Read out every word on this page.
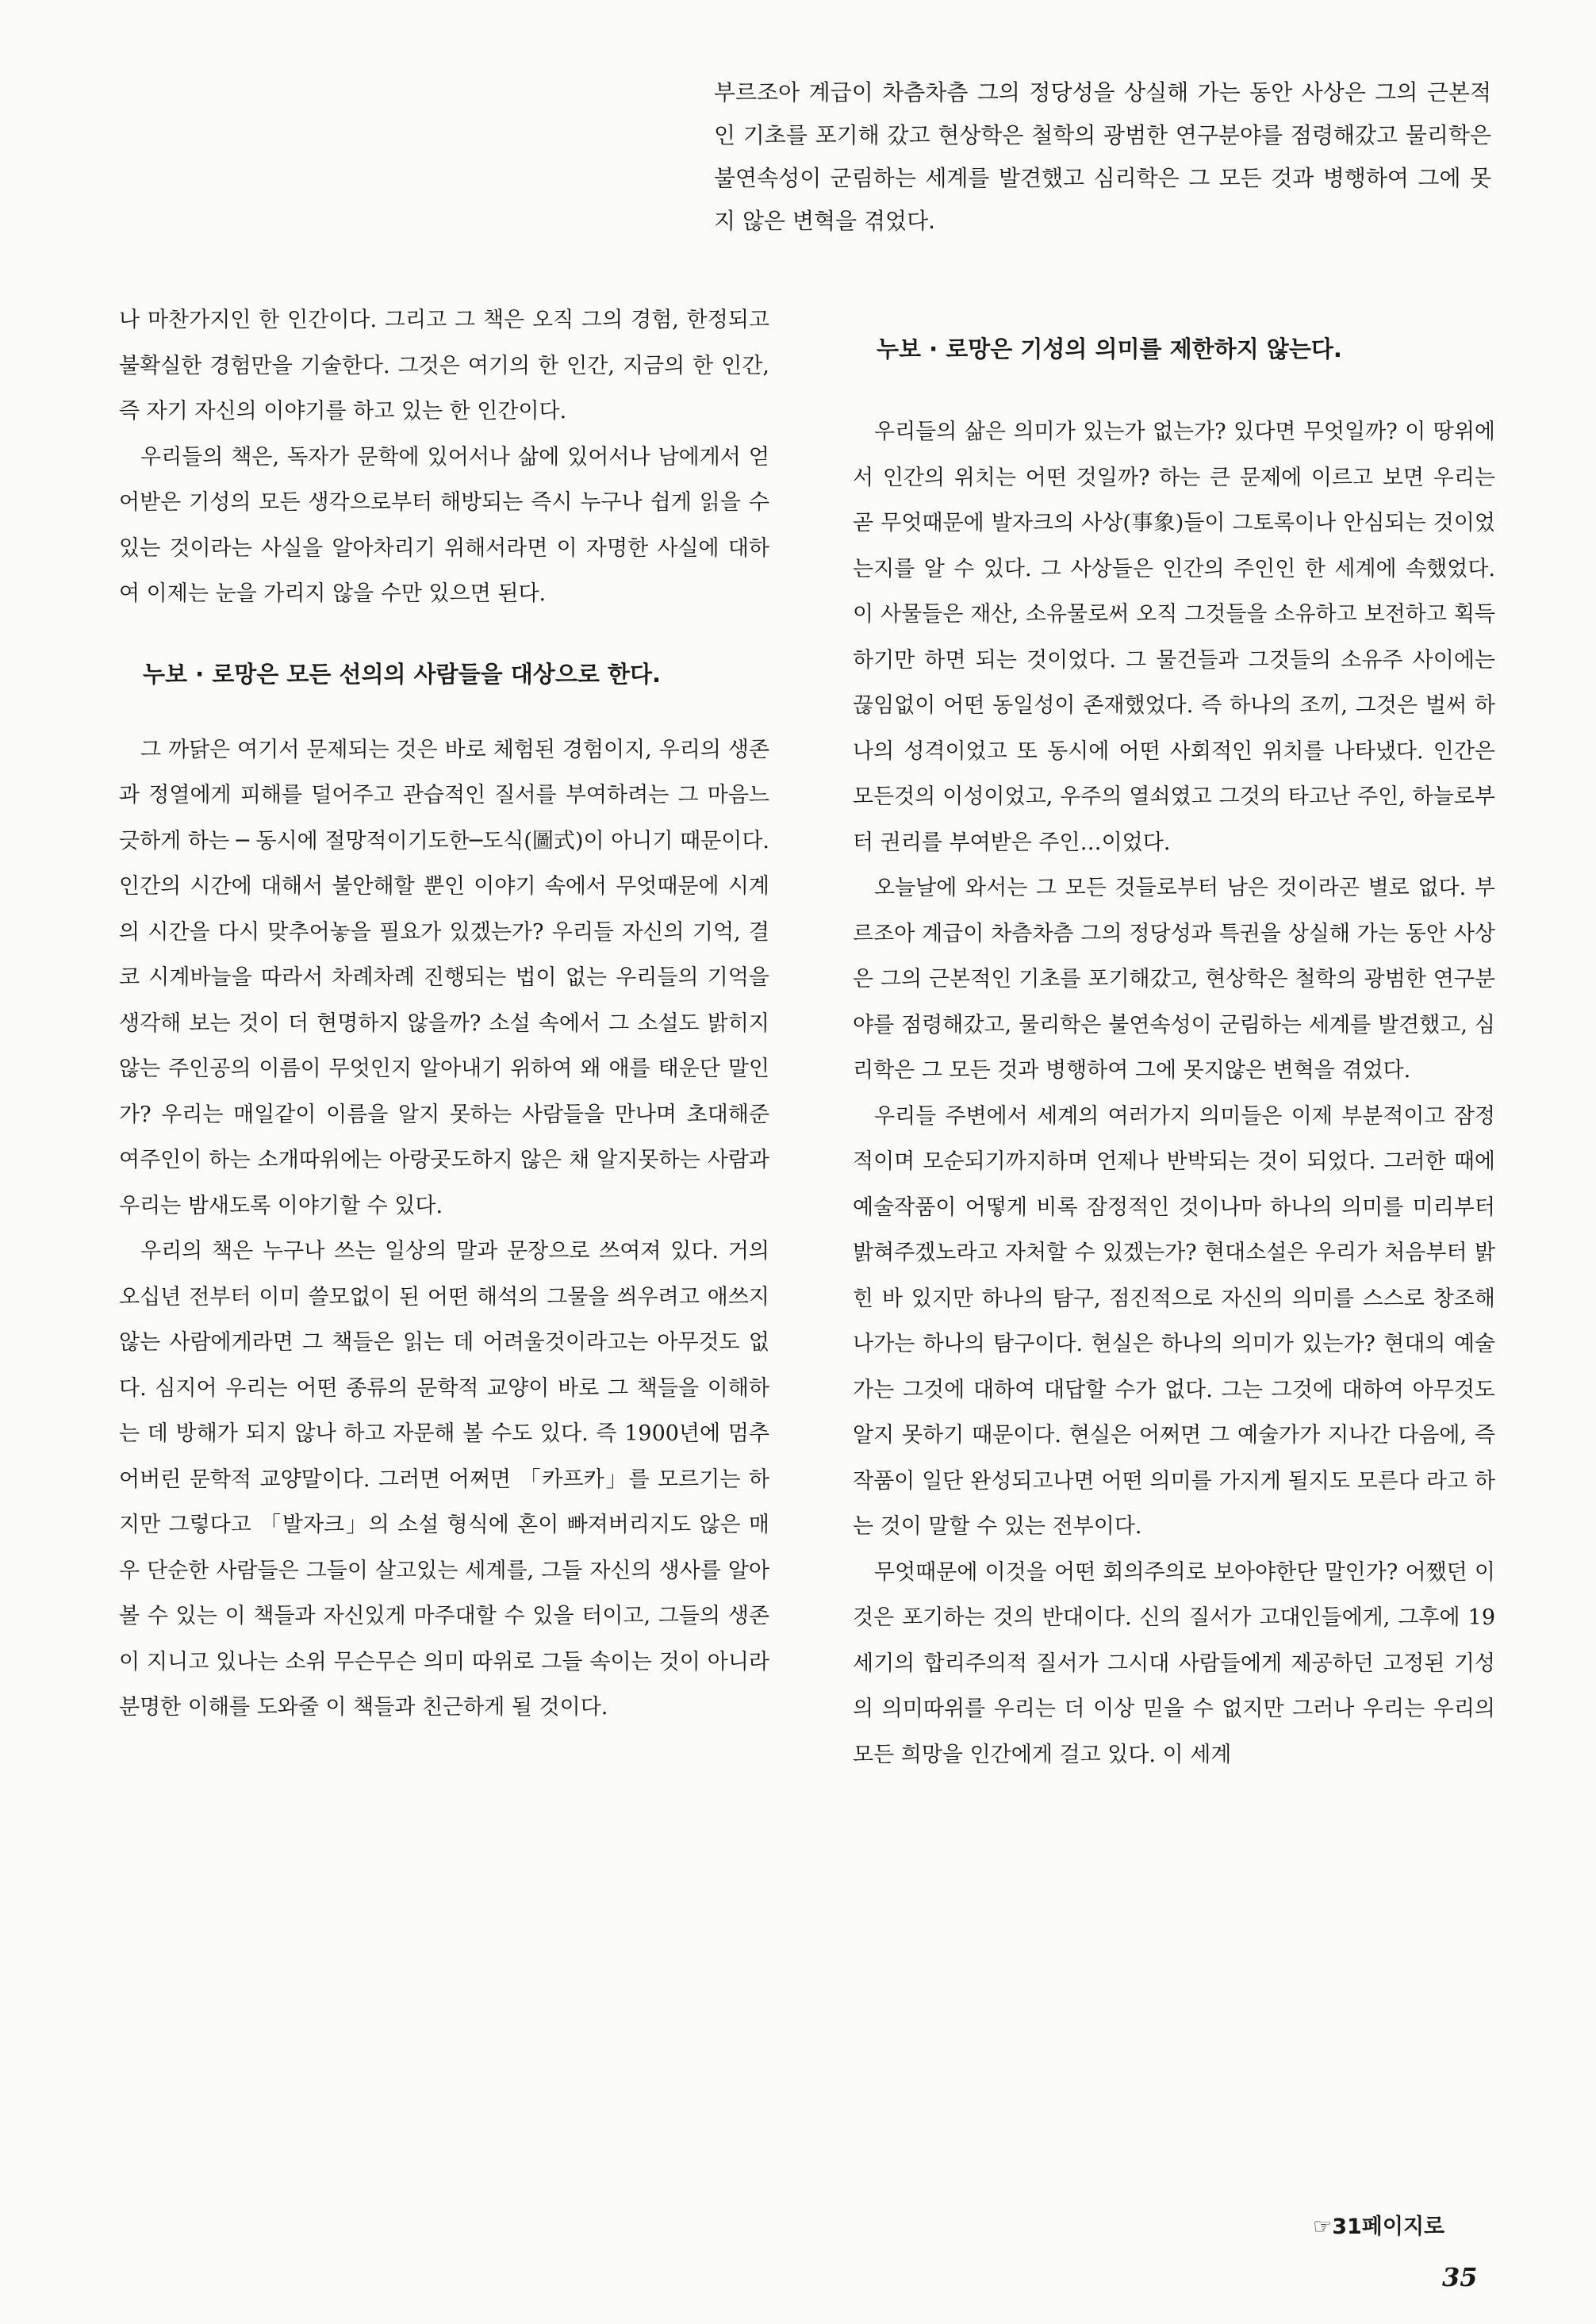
부르조아 계급이 차츰차츰 그의 정당성을 상실해 가는 동안 사상은 그의 근본적인 기초를 포기해 갔고 현상학은 철학의 광범한 연구분야를 점령해갔고 물리학은 불연속성이 군림하는 세계를 발견했고 심리학은 그 모든 것과 병행하여 그에 못지 않은 변혁을 겪었다.

나 마찬가지인 한 인간이다. 그리고 그 책은 오직 그의 경험, 한정되고 불확실한 경험만을 기술한다. 그것은 여기의 한 인간, 지금의 한 인간, 즉 자기 자신의 이야기를 하고 있는 한 인간이다.

우리들의 책은, 독자가 문학에 있어서나 삶에 있어서나 남에게서 얻어받은 기성의 모든 생각으로부터 해방되는 즉시 누구나 쉽게 읽을 수 있는 것이라는 사실을 알아차리기 위해서라면 이 자명한 사실에 대하여 이제는 눈을 가리지 않을 수만 있으면 된다.

누보 · 로망은 모든 선의의 사람들을 대상으로 한다.

그 까닭은 여기서 문제되는 것은 바로 체험된 경험이지, 우리의 생존과 정열에게 피해를 덜어주고 관습적인 질서를 부여하려는 그 마음느긋하게 하는 ─ 동시에 절망적이기도한─도식(圖式)이 아니기 때문이다. 인간의 시간에 대해서 불안해할 뿐인 이야기 속에서 무엇때문에 시계의 시간을 다시 맞추어놓을 필요가 있겠는가? 우리들 자신의 기억, 결코 시계바늘을 따라서 차례차례 진행되는 법이 없는 우리들의 기억을 생각해 보는 것이 더 현명하지 않을까? 소설 속에서 그 소설도 밝히지 않는 주인공의 이름이 무엇인지 알아내기 위하여 왜 애를 태운단 말인가? 우리는 매일같이 이름을 알지 못하는 사람들을 만나며 초대해준 여주인이 하는 소개따위에는 아랑곳도하지 않은 채 알지못하는 사람과 우리는 밤새도록 이야기할 수 있다.

우리의 책은 누구나 쓰는 일상의 말과 문장으로 쓰여져 있다. 거의 오십년 전부터 이미 쓸모없이 된 어떤 해석의 그물을 씌우려고 애쓰지 않는 사람에게라면 그 책들은 읽는 데 어려울것이라고는 아무것도 없다. 심지어 우리는 어떤 종류의 문학적 교양이 바로 그 책들을 이해하는 데 방해가 되지 않나 하고 자문해 볼 수도 있다. 즉 1900년에 멈추어버린 문학적 교양말이다. 그러면 어쩌면 「카프카」를 모르기는 하지만 그렇다고 「발자크」의 소설 형식에 혼이 빠져버리지도 않은 매우 단순한 사람들은 그들이 살고있는 세계를, 그들 자신의 생사를 알아볼 수 있는 이 책들과 자신있게 마주대할 수 있을 터이고, 그들의 생존이 지니고 있나는 소위 무슨무슨 의미 따위로 그들 속이는 것이 아니라 분명한 이해를 도와줄 이 책들과 친근하게 될 것이다.

누보 · 로망은 기성의 의미를 제한하지 않는다.

우리들의 삶은 의미가 있는가 없는가? 있다면 무엇일까? 이 땅위에서 인간의 위치는 어떤 것일까? 하는 큰 문제에 이르고 보면 우리는 곧 무엇때문에 발자크의 사상(事象)들이 그토록이나 안심되는 것이었는지를 알 수 있다. 그 사상들은 인간의 주인인 한 세계에 속했었다. 이 사물들은 재산, 소유물로써 오직 그것들을 소유하고 보전하고 획득하기만 하면 되는 것이었다. 그 물건들과 그것들의 소유주 사이에는 끊임없이 어떤 동일성이 존재했었다. 즉 하나의 조끼, 그것은 벌써 하나의 성격이었고 또 동시에 어떤 사회적인 위치를 나타냈다. 인간은 모든것의 이성이었고, 우주의 열쇠였고 그것의 타고난 주인, 하늘로부터 권리를 부여받은 주인…이었다.

오늘날에 와서는 그 모든 것들로부터 남은 것이라곤 별로 없다. 부르조아 계급이 차츰차츰 그의 정당성과 특권을 상실해 가는 동안 사상은 그의 근본적인 기초를 포기해갔고, 현상학은 철학의 광범한 연구분야를 점령해갔고, 물리학은 불연속성이 군림하는 세계를 발견했고, 심리학은 그 모든 것과 병행하여 그에 못지않은 변혁을 겪었다.

우리들 주변에서 세계의 여러가지 의미들은 이제 부분적이고 잠정적이며 모순되기까지하며 언제나 반박되는 것이 되었다. 그러한 때에 예술작품이 어떻게 비록 잠정적인 것이나마 하나의 의미를 미리부터 밝혀주겠노라고 자처할 수 있겠는가? 현대소설은 우리가 처음부터 밝힌 바 있지만 하나의 탐구, 점진적으로 자신의 의미를 스스로 창조해 나가는 하나의 탐구이다. 현실은 하나의 의미가 있는가? 현대의 예술가는 그것에 대하여 대답할 수가 없다. 그는 그것에 대하여 아무것도 알지 못하기 때문이다. 현실은 어쩌면 그 예술가가 지나간 다음에, 즉 작품이 일단 완성되고나면 어떤 의미를 가지게 될지도 모른다 라고 하는 것이 말할 수 있는 전부이다.

무엇때문에 이것을 어떤 회의주의로 보아야한단 말인가? 어쨌던 이것은 포기하는 것의 반대이다. 신의 질서가 고대인들에게, 그후에 19세기의 합리주의적 질서가 그시대 사람들에게 제공하던 고정된 기성의 의미따위를 우리는 더 이상 믿을 수 없지만 그러나 우리는 우리의 모든 희망을 인간에게 걸고 있다. 이 세계

☞31페이지로
35
